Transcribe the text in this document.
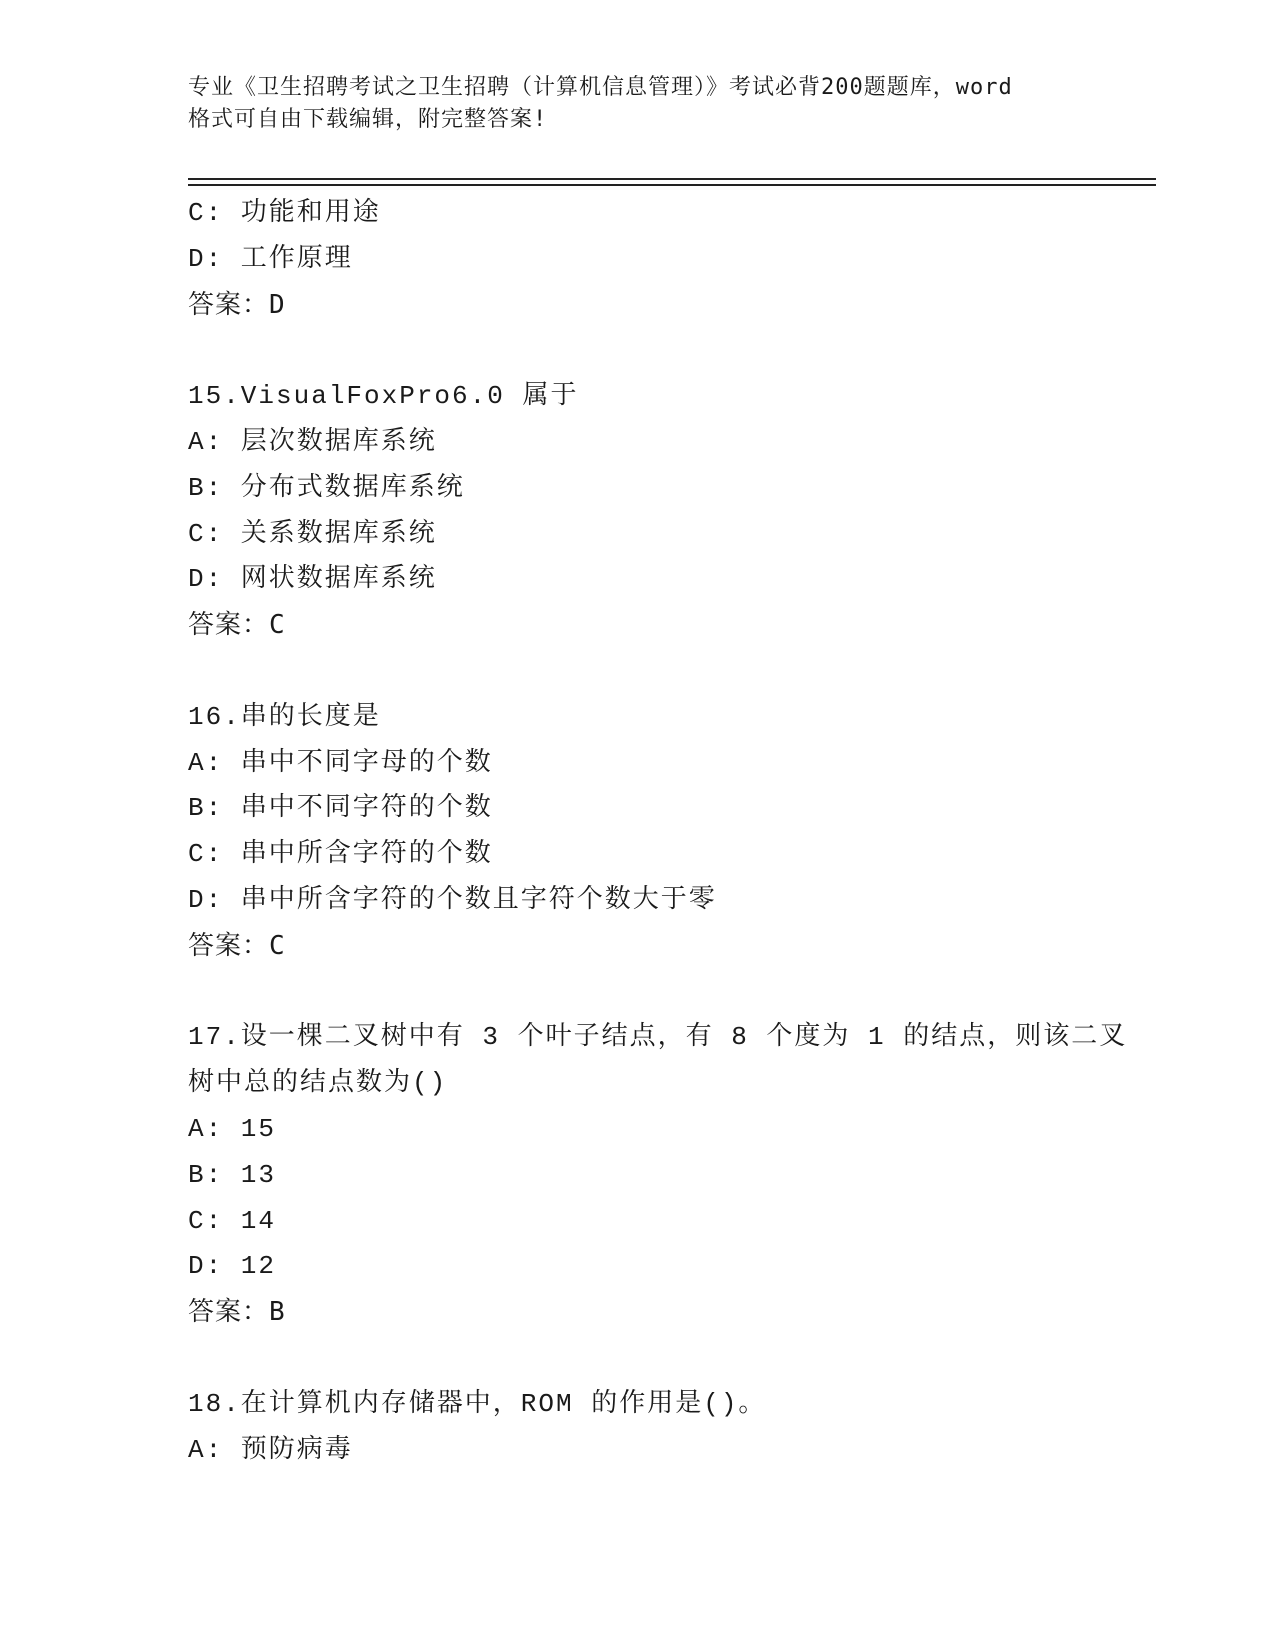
专业《卫生招聘考试之卫生招聘（计算机信息管理）》考试必背200题题库，word
格式可自由下载编辑，附完整答案!
C: 功能和用途
D: 工作原理
答案：D
15.VisualFoxPro6.0 属于
A: 层次数据库系统
B: 分布式数据库系统
C: 关系数据库系统
D: 网状数据库系统
答案：C
16.串的长度是
A: 串中不同字母的个数
B: 串中不同字符的个数
C: 串中所含字符的个数
D: 串中所含字符的个数且字符个数大于零
答案：C
17.设一棵二叉树中有 3 个叶子结点，有 8 个度为 1 的结点，则该二叉
树中总的结点数为()
A: 15
B: 13
C: 14
D: 12
答案：B
18.在计算机内存储器中，ROM 的作用是()。
A: 预防病毒
